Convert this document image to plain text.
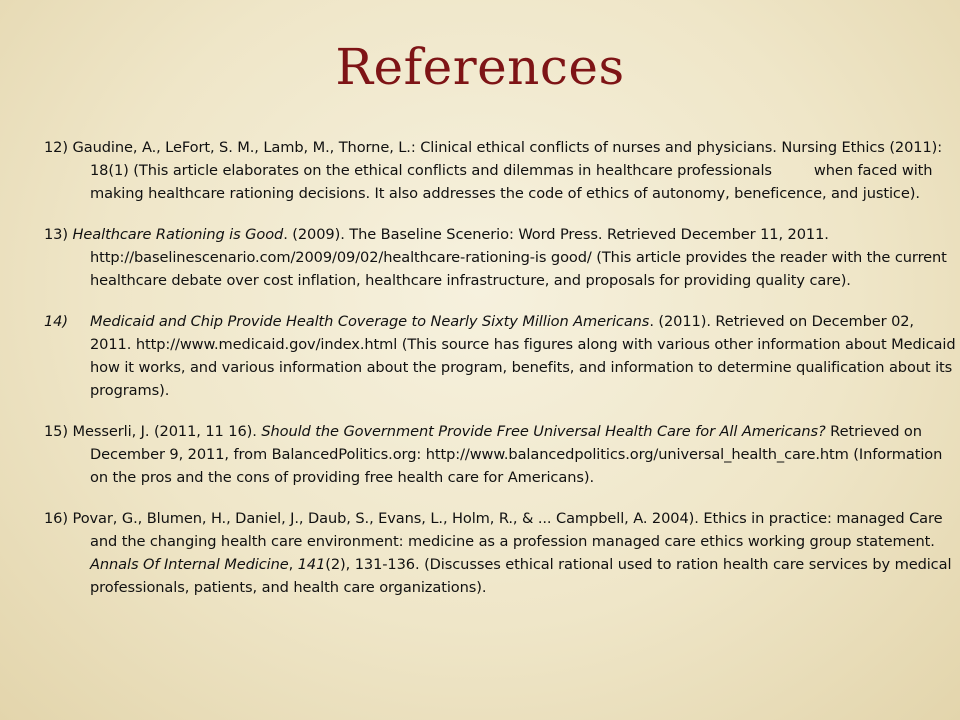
References

12) Gaudine, A., LeFort, S. M., Lamb, M., Thorne, L.: Clinical ethical conflicts of nurses and physicians. Nursing Ethics (2011): 18(1) (This article elaborates on the ethical conflicts and dilemmas in healthcare professionals	when faced with making healthcare rationing decisions. It also addresses the code of ethics of autonomy, beneficence, and justice).

13) Healthcare Rationing is Good. (2009). The Baseline Scenerio: Word Press. Retrieved December 11, 2011. http://baselinescenario.com/2009/09/02/healthcare-rationing-is good/ (This article provides the reader with the current healthcare debate over cost inflation, healthcare infrastructure, and proposals for providing quality care).

14) Medicaid and Chip Provide Health Coverage to Nearly Sixty Million Americans. (2011). Retrieved on December 02, 2011. http://www.medicaid.gov/index.html (This source has figures along with various other information about Medicaid how it works, and various information about the program, benefits, and information to determine qualification about its programs).

15) Messerli, J. (2011, 11 16). Should the Government Provide Free Universal Health Care for All Americans? Retrieved on December 9, 2011, from BalancedPolitics.org: http://www.balancedpolitics.org/universal_health_care.htm (Information on the pros and the cons of providing free health care for Americans).

16) Povar, G., Blumen, H., Daniel, J., Daub, S., Evans, L., Holm, R., & ... Campbell, A. 2004). Ethics in practice: managed Care and the changing health care environment: medicine as a profession managed care ethics working group statement. Annals Of Internal Medicine, 141(2), 131-136. (Discusses ethical rational used to ration health care services by medical professionals, patients, and health care organizations).
